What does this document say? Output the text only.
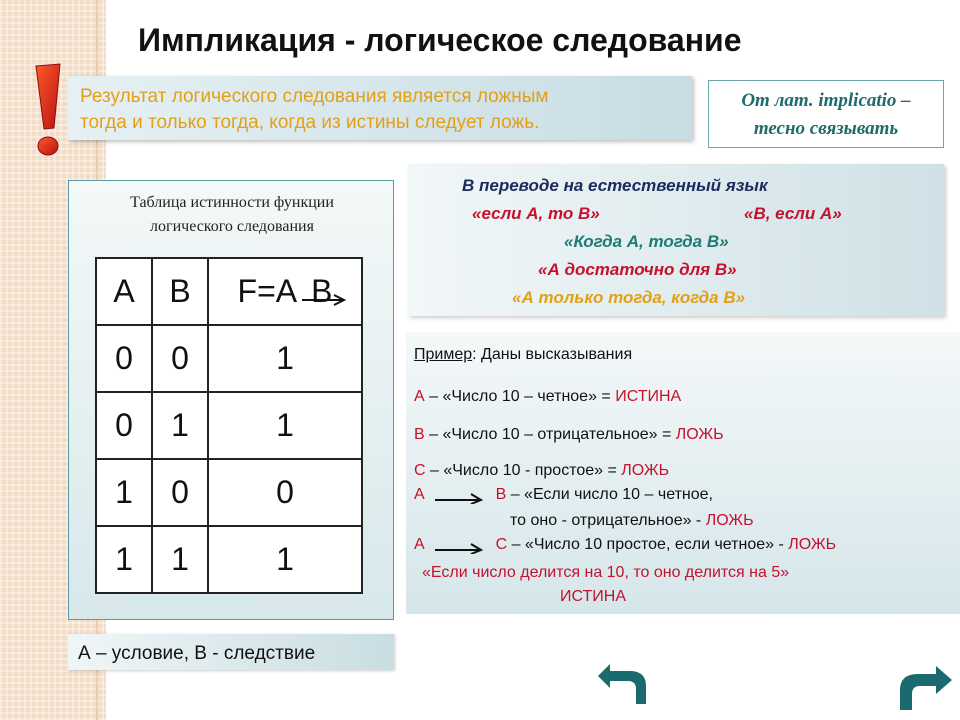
Импликация - логическое следование
Результат логического следования является ложным
тогда и только тогда, когда из истины следует ложь.
От лат. implicatio –
тесно связывать
Таблица истинности функции
логического следования
A	B	F=A B

0	0	1
0	1	1
1	0	0
1	1	1
А – условие, В - следствие
В переводе на естественный язык
«если А, то В»	«В, если А»
«Когда А, тогда В»
«А достаточно для В»
«А только тогда, когда В»
Пример: Даны высказывания
А – «Число 10 – четное» = ИСТИНА
В – «Число 10 – отрицательное» = ЛОЖЬ
С – «Число 10 - простое» = ЛОЖЬ
А	В – «Если число 10 – четное,
то оно - отрицательное» - ЛОЖЬ
А	С – «Число 10 простое, если четное» - ЛОЖЬ
«Если число делится на 10, то оно делится на 5»
ИСТИНА
